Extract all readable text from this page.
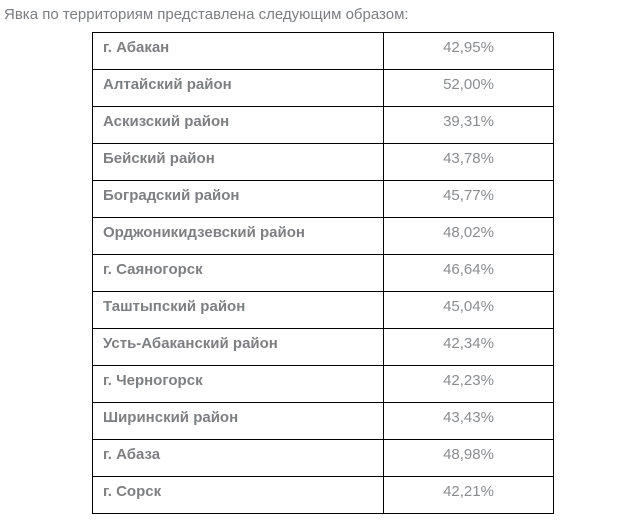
Явка по территориям представлена следующим образом:
г. Абакан	42,95%
Алтайский район	52,00%
Аскизский район	39,31%
Бейский район	43,78%
Боградский район	45,77%
Орджоникидзевский район	48,02%
г. Саяногорск	46,64%
Таштыпский район	45,04%
Усть-Абаканский район	42,34%
г. Черногорск	42,23%
Ширинский район	43,43%
г. Абаза	48,98%
г. Сорск	42,21%
